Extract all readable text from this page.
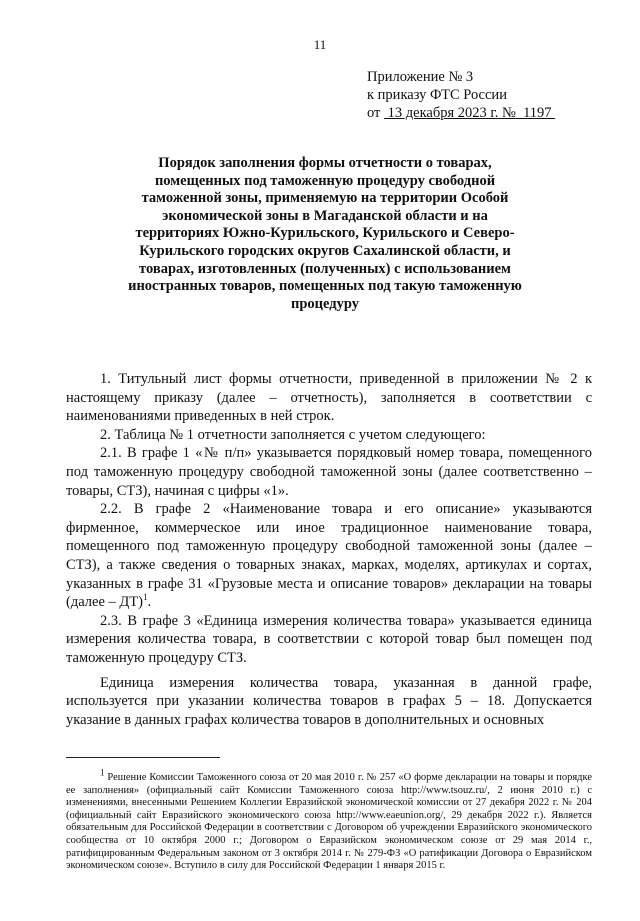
11
Приложение № 3
к приказу ФТС России
от  13 декабря 2023 г. № 1197
Порядок заполнения формы отчетности о товарах, помещенных под таможенную процедуру свободной таможенной зоны, применяемую на территории Особой экономической зоны в Магаданской области и на территориях Южно-Курильского, Курильского и Северо-Курильского городских округов Сахалинской области, и товарах, изготовленных (полученных) с использованием иностранных товаров, помещенных под такую таможенную процедуру

1. Титульный лист формы отчетности, приведенной в приложении № 2 к настоящему приказу (далее – отчетность), заполняется в соответствии с наименованиями приведенных в ней строк.

2. Таблица № 1 отчетности заполняется с учетом следующего:

2.1. В графе 1 «№ п/п» указывается порядковый номер товара, помещенного под таможенную процедуру свободной таможенной зоны (далее соответственно – товары, СТЗ), начиная с цифры «1».

2.2. В графе 2 «Наименование товара и его описание» указываются фирменное, коммерческое или иное традиционное наименование товара, помещенного под таможенную процедуру свободной таможенной зоны (далее – СТЗ), а также сведения о товарных знаках, марках, моделях, артикулах и сортах, указанных в графе 31 «Грузовые места и описание товаров» декларации на товары (далее – ДТ)$^1$.

2.3. В графе 3 «Единица измерения количества товара» указывается единица измерения количества товара, в соответствии с которой товар был помещен под таможенную процедуру СТЗ.

Единица измерения количества товара, указанная в данной графе, используется при указании количества товаров в графах 5 – 18. Допускается указание в данных графах количества товаров в дополнительных и основных

$^1$ Решение Комиссии Таможенного союза от 20 мая 2010 г. № 257 «О форме декларации на товары и порядке ее заполнения» (официальный сайт Комиссии Таможенного союза http://www.tsouz.ru/, 2 июня 2010 г.) с изменениями, внесенными Решением Коллегии Евразийской экономической комиссии от 27 декабря 2022 г. № 204 (официальный сайт Евразийского экономического союза http://www.eaeunion.org/, 29 декабря 2022 г.). Является обязательным для Российской Федерации в соответствии с Договором об учреждении Евразийского экономического сообщества от 10 октября 2000 г.; Договором о Евразийском экономическом союзе от 29 мая 2014 г., ратифицированным Федеральным законом от 3 октября 2014 г. № 279-ФЗ «О ратификации Договора о Евразийском экономическом союзе». Вступило в силу для Российской Федерации 1 января 2015 г.
